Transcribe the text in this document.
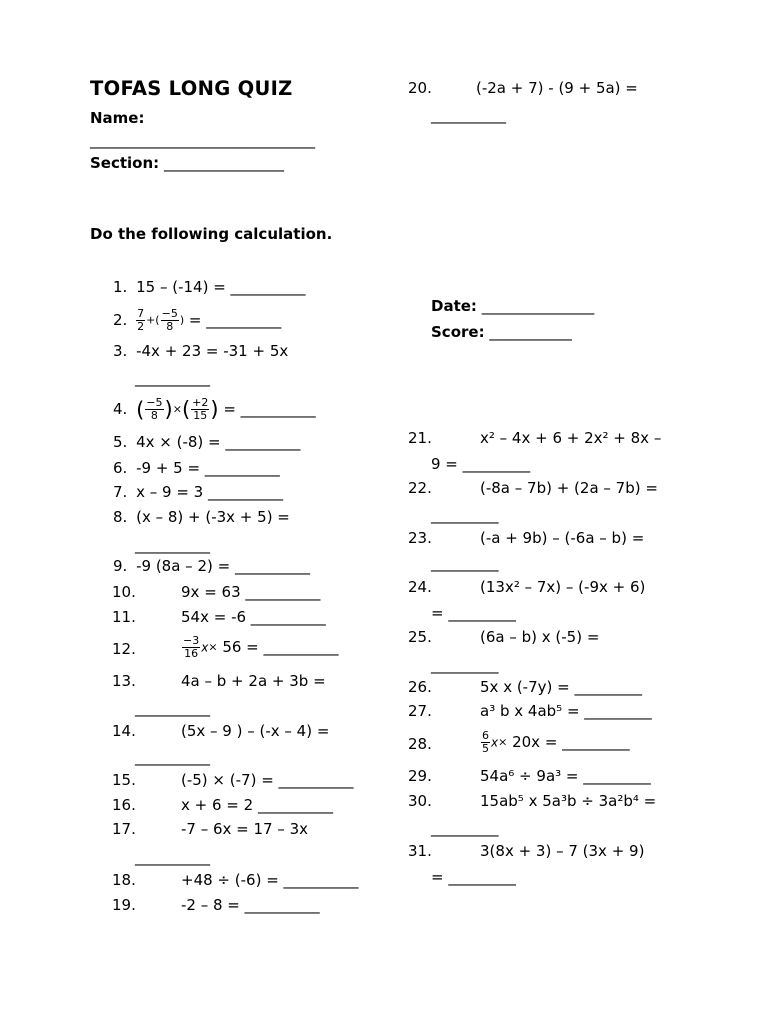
TOFAS LONG QUIZ
Name:
______________________________
Section: ________________
Do the following calculation.
Date: _______________
Score: ___________
1. 15 – (-14) = __________
2. $\frac{7}{2}$ +( $\frac{-5}{8}$ ) = __________
3. -4x + 23 = -31 + 5x
__________
4. ( $\frac{-5}{8}$ )×( $\frac{+2}{15}$ ) = __________
5. 4x × (-8) = __________
6. -9 + 5 = __________
7. x – 9 = 3 __________
8. (x – 8) + (-3x + 5) =
__________
9. -9 (8a – 2) = __________
10.	9x = 63 __________
11.	54x = -6 __________
12.	$\frac{-3}{16} x\times 56$ = __________
13.	4a – b + 2a + 3b =
__________
14.	(5x – 9 ) – (-x – 4) =
__________
15.	(-5) × (-7) = __________
16.	x + 6 = 2 __________
17.	-7 – 6x = 17 – 3x
__________
18.	+48 ÷ (-6) = __________
19.	-2 – 8 = __________
20.	(-2a + 7) - (9 + 5a) =
__________
21.	x² – 4x + 6 + 2x² + 8x –
9 = _________
22.	(-8a – 7b) + (2a – 7b) =
_________
23.	(-a + 9b) – (-6a – b) =
_________
24.	(13x² – 7x) – (-9x + 6)
= _________
25.	(6a – b) x (-5) =
_________
26.	5x x (-7y) = _________
27.	a³ b x 4ab⁵ = _________
28.	$\frac{6}{5} x\times 20x$ = _________
29.	54a⁶ ÷ 9a³ = _________
30.	15ab⁵ x 5a³b ÷ 3a²b⁴ =
_________
31.	3(8x + 3) – 7 (3x + 9)
= _________
